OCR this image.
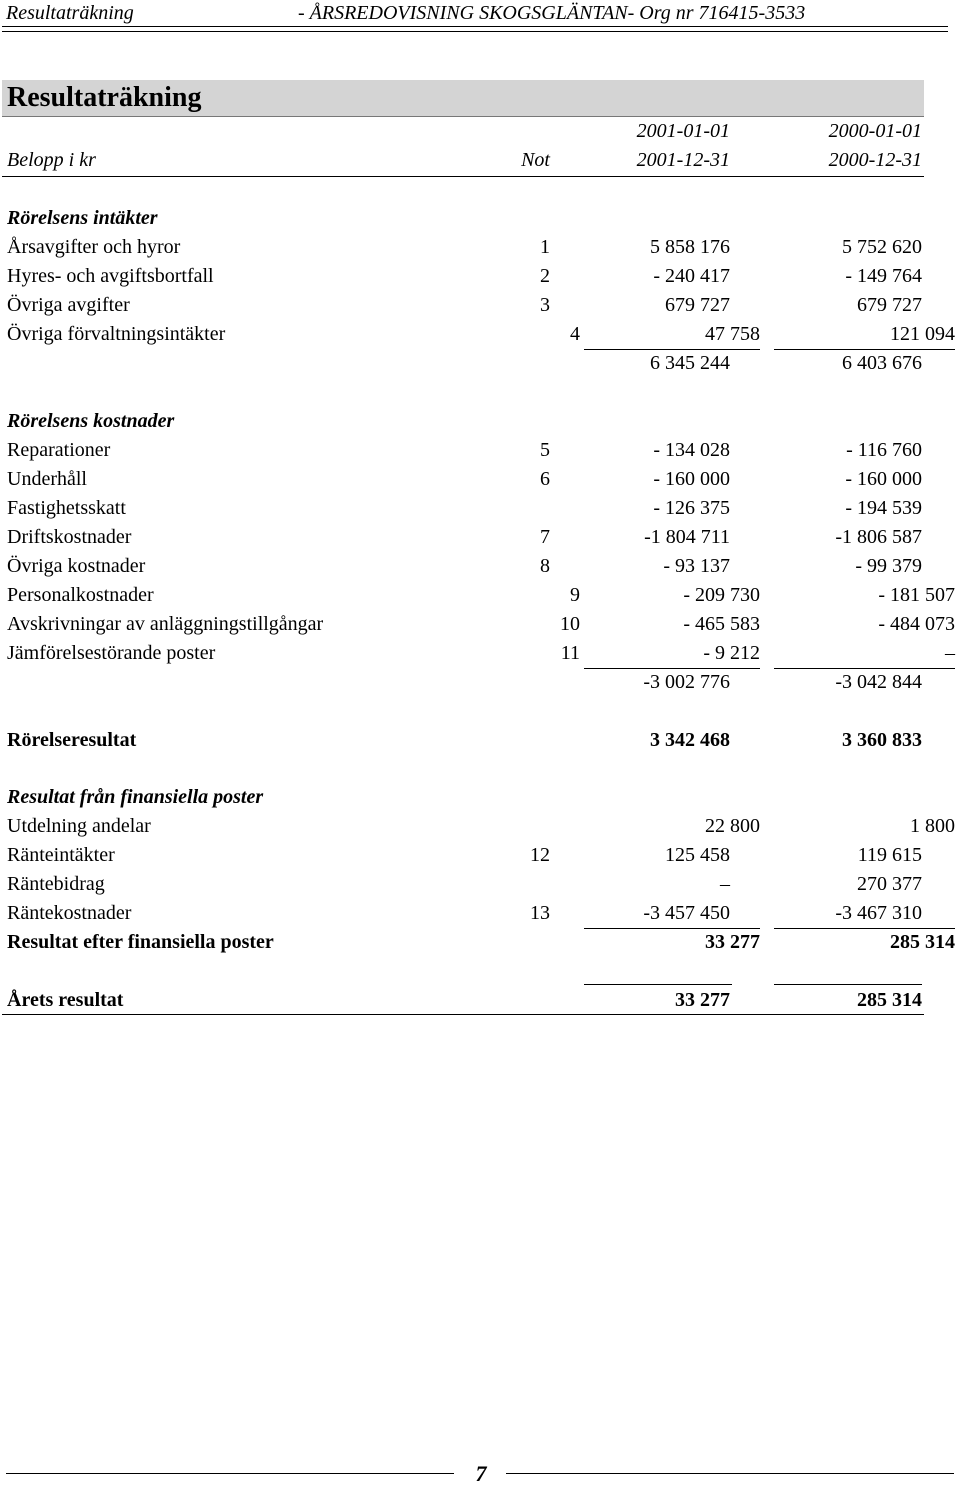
Resultaträkning	- ÅRSREDOVISNING SKOGSGLÄNTAN- Org nr 716415-3533
Resultaträkning
2001-01-01	2000-01-01
Belopp i kr	Not	2001-12-31	2000-12-31
Rörelsens intäkter
Årsavgifter och hyror	1	5 858 176	5 752 620
Hyres- och avgiftsbortfall	2	- 240 417	- 149 764
Övriga avgifter	3	679 727	679 727
Övriga förvaltningsintäkter	4	47 758	121 094
6 345 244	6 403 676
Rörelsens kostnader
Reparationer	5	- 134 028	- 116 760
Underhåll	6	- 160 000	- 160 000
Fastighetsskatt	- 126 375	- 194 539
Driftskostnader	7	-1 804 711	-1 806 587
Övriga kostnader	8	- 93 137	- 99 379
Personalkostnader	9	- 209 730	- 181 507
Avskrivningar av anläggningstillgångar	10	- 465 583	- 484 073
Jämförelsestörande poster	11	- 9 212	–
-3 002 776	-3 042 844
Rörelseresultat	3 342 468	3 360 833
Resultat från finansiella poster
Utdelning andelar	22 800	1 800
Ränteintäkter	12	125 458	119 615
Räntebidrag	–	270 377
Räntekostnader	13	-3 457 450	-3 467 310
Resultat efter finansiella poster	33 277	285 314
Årets resultat	33 277	285 314
7
